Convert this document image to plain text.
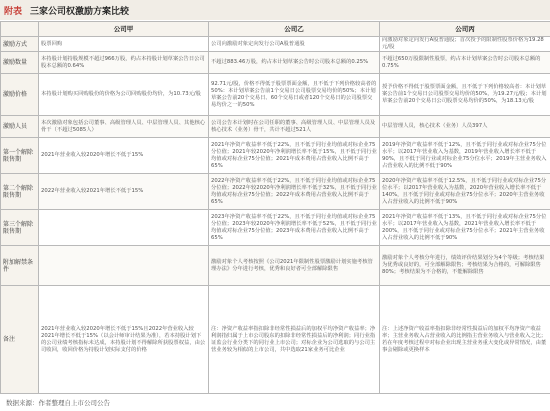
附表 三家公司权激励方案比较
	公司甲	公司乙	公司丙
激励方式	股票回购	公司向激励对象定向发行公司A股普通股	向激励对象定向发行A股普通股；首次授予的限制性股票价格为19.28元/股
激励数量	本持股计划持股规模不超过966万股，约占本持股计划草案公告日公司股本总额的0.64%	不超过883.46万股，约占本计划草案公告时公司股本总额的0.25%	不超过650万股限制性股票，约占本计划草案公告时公司股本总额的0.75%
激励价格	本持股计划购买回购股份的价格为公司回购股份均价，为10.73元/股	92.71元/股，价格不得低于股票票面金额，且不低于下列价格较高者的50%：本计划草案公告前1个交易日公司股票交易均价的50%；本计划草案公告前20个交易日、60个交易日或者120个交易日的公司股票交易均价之一的50%	授予价格不得低于股票票面金额，且不低于下列价格较高者：本计划草案公告前1个交易日公司股票交易均价的50%，为19.27元/股；本计划草案公告前20个交易日公司股票交易均价的50%，为18.13元/股
激励人员	本次激励对象包括公司董事、高级管理人员、中层管理人员、其他核心骨干（不超过5085人）	公司公告本计划时在公司任职的董事、高级管理人员、中层管理人员及核心技术（业务）骨干，共计不超过521人	中层管理人员，核心技术（业务）人员397人
第一个解除限售期	2021年营业收入较2020年增长不低于15%	2021年净资产收益率不低于22%，且不低于同行业均值或对标企业75分位值；2021年较2020年净利润增长率不低于15%，且不低于同行业均值或对标企业75分位值；2021年成本费用占营业收入比例不高于65%	2019年净资产收益率不低于12%，且不低于同行业或对标企业75分位水平；以2017年营业收入为基数，2019年营业收入增长率不低于90%，且不低于同行业或对标企业75分位水平；2019年主营业务收入占营业收入的比例不低于90%
第二个解除限售期	2022年营业收入较2021年增长不低于15%	2022年净资产收益率不低于22%，且不低于同行业均值或对标企业75分位值；2022年较2020年净利润增长率不低于32%，且不低于同行业均值或对标企业75分位值；2022年成本费用占营业收入比例不高于65%	2020年净资产收益率不低于12.5%，且不低于同行业或对标企业75分位水平；以2017年营业收入为基数，2020年营业收入增长率不低于140%，且不低于同行业或对标企业75分位水平；2020年主营业务收入占营业收入的比例不低于90%
第三个解除限售期		2023年净资产收益率不低于22%，且不低于同行业均值或对标企业75分位值；2023年较2020年净利润增长率不低于52%，且不低于同行业均值或对标企业75分位值；2023年成本费用占营业收入比例不高于65%	2021年净资产收益率不低于13%，且不低于同行业或对标企业75分位水平；以2017年营业收入为基数，2021年营业收入增长率不低于200%，且不低于同行业或对标企业75分位水平；2021年主营业务收入占营业收入的比例不低于90%
附加解禁条件		激励对象个人考核按照《公司2021年限制性股票激励计划实施考核管理办法》分年进行考核，优秀和良好者可全部解除限售	激励对象个人考核分年进行，绩效评价结果划分为4个等级；考核结果为优秀或良好的，可全部解除限售；考核结果为合格的，可解除限售80%；考核结果为不合格的，不能解除限售
备注	2021年营业收入较2020年增长不低于15%且2022年营业收入较2021年增长不低于15%（以会计师审计结果为准），若本持股计划下的公司业绩考核指标未达成，本持股计划不得解除所获股票权益，由公司收回，收回价格为持股计划实际支付的价格	注：净资产收益率指扣除非经常性损益后的加权平均净资产收益率；净利润指归属于上市公司股东的扣除非经常性损益后的净利润；同行业指证监会行业分类下的同行业上市公司；对标企业为公司选取的与公司主营业务较为相似的上市公司，共中选取21家业务可比企业	注：上述净资产收益率指扣除非经常性损益后的加权平均净资产收益率；主营业务收入占营业收入的比例指主营业务收入与营业收入之比；若在年度考核过程中对标企业出现主营业务重大变化或异常情况，由董事会剔除或更换样本
数据来源：作者整理自上市公司公告
